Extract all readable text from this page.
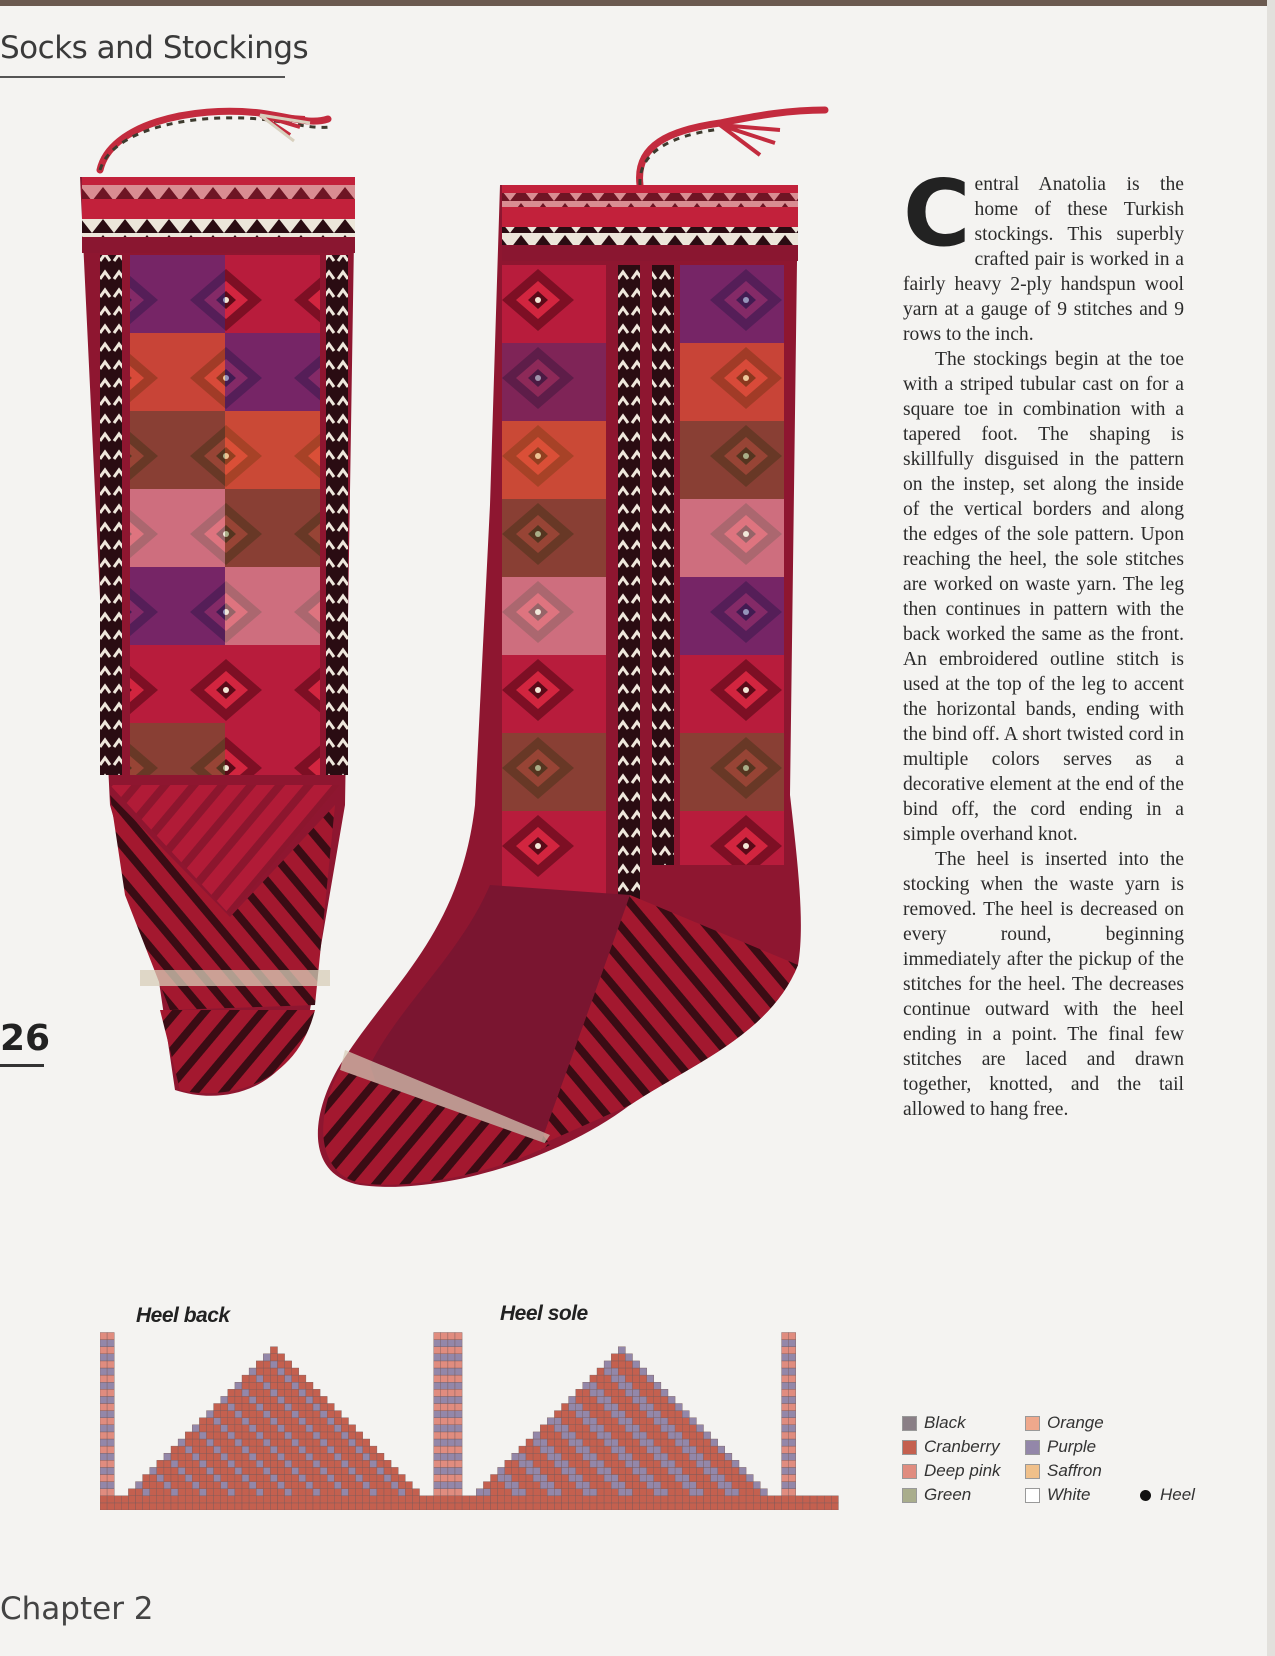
Socks and Stockings

Central Anatolia is the home of these Turkish stockings. This superbly crafted pair is worked in a fairly heavy 2-ply handspun wool yarn at a gauge of 9 stitches and 9 rows to the inch.

The stockings begin at the toe with a striped tubular cast on for a square toe in combination with a tapered foot. The shaping is skillfully disguised in the pattern on the instep, set along the inside of the vertical borders and along the edges of the sole pattern. Upon reaching the heel, the sole stitches are worked on waste yarn. The leg then continues in pattern with the back worked the same as the front. An embroidered outline stitch is used at the top of the leg to accent the horizontal bands, ending with the bind off. A short twisted cord in multiple colors serves as a decorative element at the end of the bind off, the cord ending in a simple overhand knot.

The heel is inserted into the stocking when the waste yarn is removed. The heel is decreased on every round, beginning immediately after the pickup of the stitches for the heel. The decreases continue outward with the heel ending in a point. The final few stitches are laced and drawn together, knotted, and the tail allowed to hang free.

26
Heel back	Heel sole
Black
Cranberry
Deep pink
Green
Orange
Purple
Saffron
White	Heel
Chapter 2
